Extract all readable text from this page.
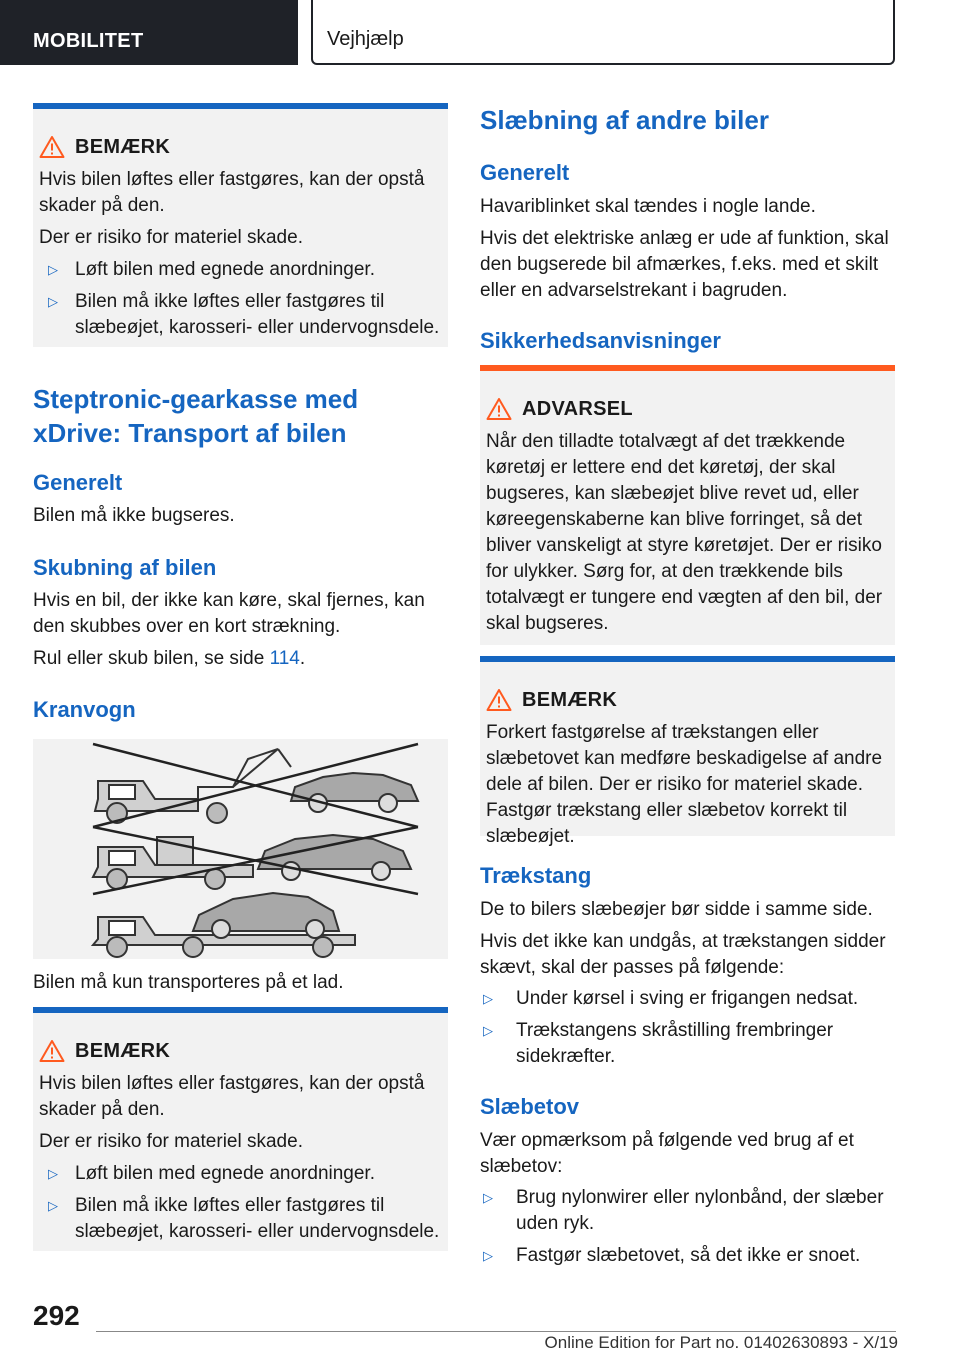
MOBILITET	Vejhjælp
BEMÆRK

Hvis bilen løftes eller fastgøres, kan der opstå skader på den.

Der er risiko for materiel skade.

▷ Løft bilen med egnede anordninger.
▷ Bilen må ikke løftes eller fastgøres til slæbeøjet, karosseri- eller undervognsdele.
Steptronic-gearkasse med xDrive: Transport af bilen
Generelt
Bilen må ikke bugseres.
Skubning af bilen
Hvis en bil, der ikke kan køre, skal fjernes, kan den skubbes over en kort strækning.
Rul eller skub bilen, se side 114.
Kranvogn
Bilen må kun transporteres på et lad.
BEMÆRK

Hvis bilen løftes eller fastgøres, kan der opstå skader på den.

Der er risiko for materiel skade.

▷ Løft bilen med egnede anordninger.
▷ Bilen må ikke løftes eller fastgøres til slæbeøjet, karosseri- eller undervognsdele.
Slæbning af andre biler
Generelt
Havariblinket skal tændes i nogle lande.
Hvis det elektriske anlæg er ude af funktion, skal den bugserede bil afmærkes, f.eks. med et skilt eller en advarselstrekant i bagruden.
Sikkerhedsanvisninger
ADVARSEL

Når den tilladte totalvægt af det trækkende køretøj er lettere end det køretøj, der skal bugseres, kan slæbeøjet blive revet ud, eller køreegenskaberne kan blive forringet, så det bliver vanskeligt at styre køretøjet. Der er risiko for ulykker. Sørg for, at den trækkende bils totalvægt er tungere end vægten af den bil, der skal bugseres.

BEMÆRK

Forkert fastgørelse af trækstangen eller slæbetovet kan medføre beskadigelse af andre dele af bilen. Der er risiko for materiel skade. Fastgør trækstang eller slæbetov korrekt til slæbeøjet.

Trækstang
De to bilers slæbeøjer bør sidde i samme side.
Hvis det ikke kan undgås, at trækstangen sidder skævt, skal der passes på følgende:
▷ Under kørsel i sving er frigangen nedsat.
▷ Trækstangens skråstilling frembringer sidekræfter.
Slæbetov
Vær opmærksom på følgende ved brug af et slæbetov:
▷ Brug nylonwirer eller nylonbånd, der slæber uden ryk.
▷ Fastgør slæbetovet, så det ikke er snoet.
292
Online Edition for Part no. 01402630893 - X/19
